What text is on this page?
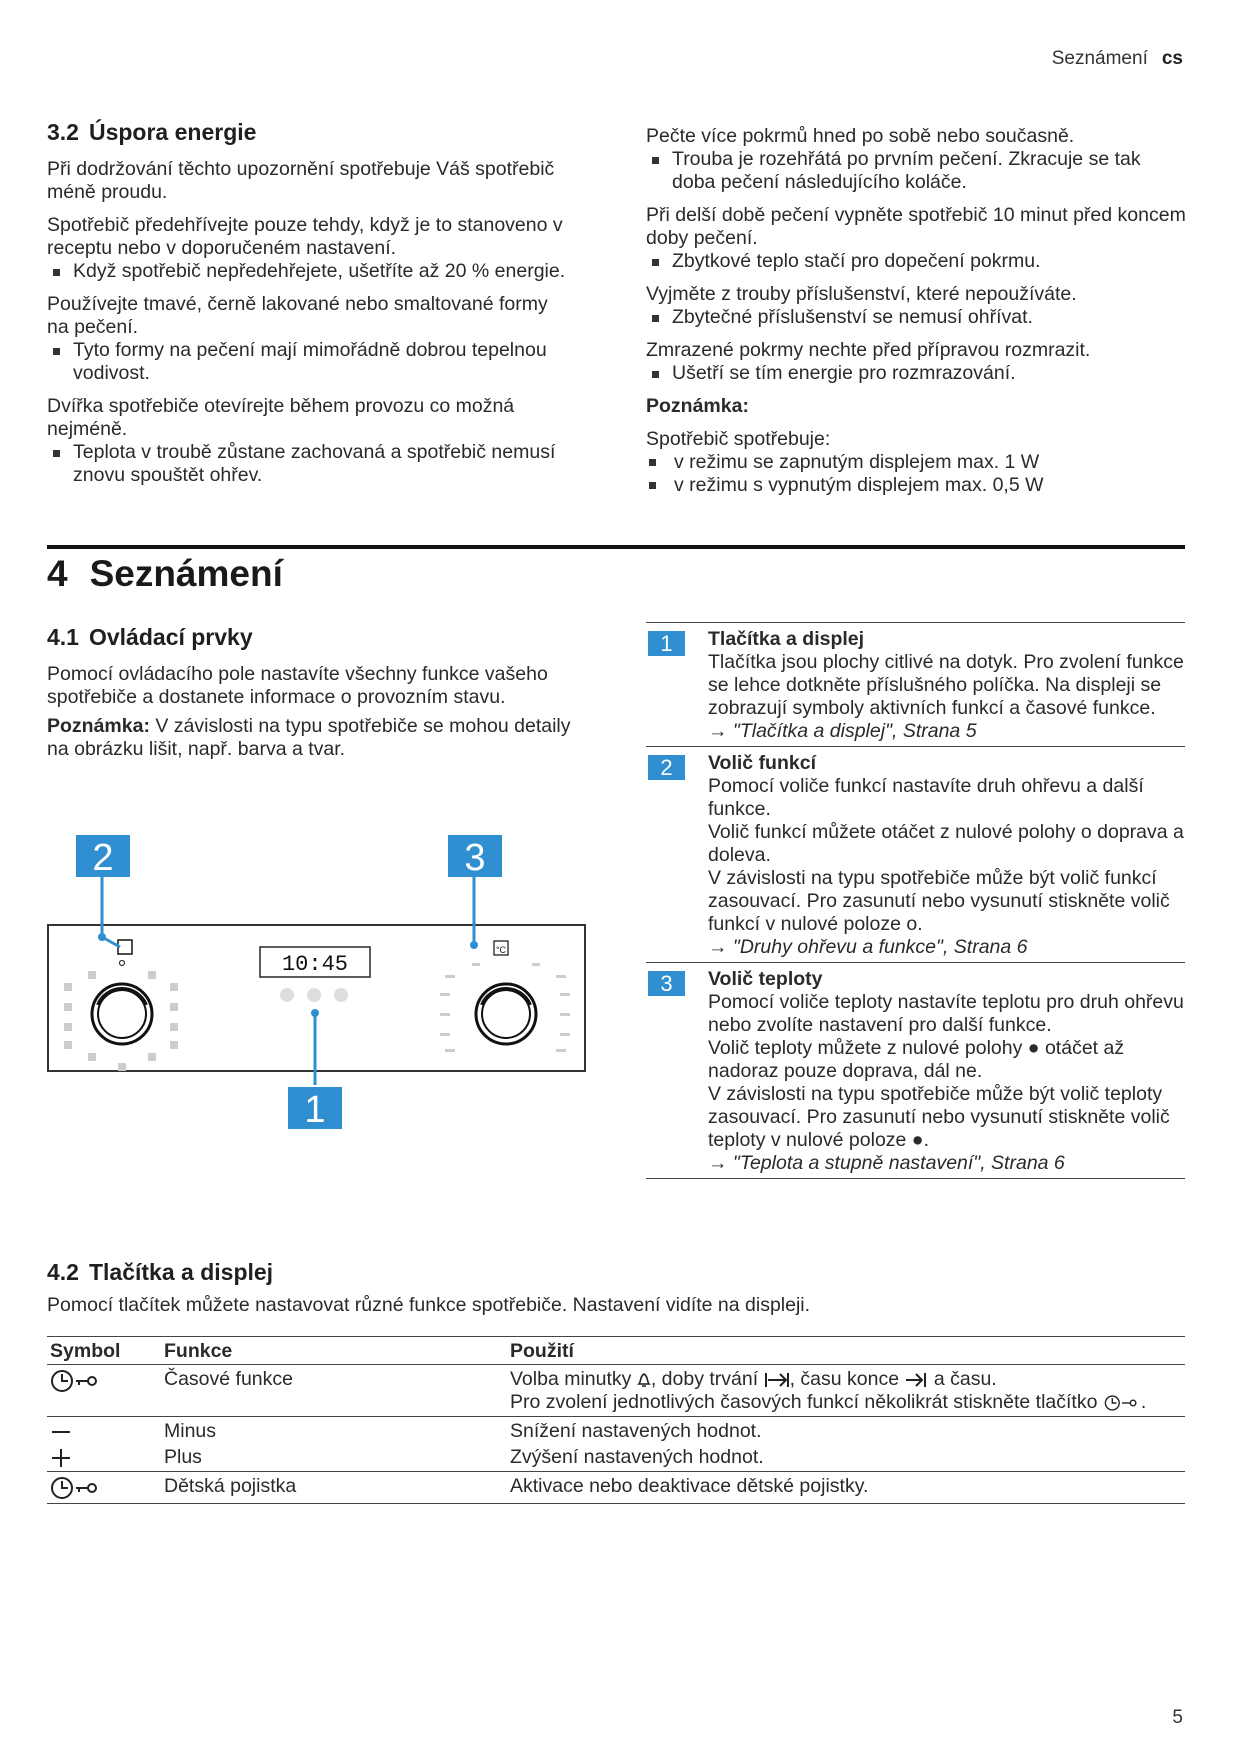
Seznámení cs
3.2 Úspora energie

Při dodržování těchto upozornění spotřebuje Váš spotřebič méně proudu.

Spotřebič předehřívejte pouze tehdy, když je to stanoveno v receptu nebo v doporučeném nastavení.

Když spotřebič nepředehřejete, ušetříte až 20 % energie.

Používejte tmavé, černě lakované nebo smaltované formy na pečení.

Tyto formy na pečení mají mimořádně dobrou tepelnou vodivost.

Dvířka spotřebiče otevírejte během provozu co možná nejméně.

Teplota v troubě zůstane zachovaná a spotřebič nemusí znovu spouštět ohřev.

Pečte více pokrmů hned po sobě nebo současně.

Trouba je rozehřátá po prvním pečení. Zkracuje se tak doba pečení následujícího koláče.

Při delší době pečení vypněte spotřebič 10 minut před koncem doby pečení.

Zbytkové teplo stačí pro dopečení pokrmu.

Vyjměte z trouby příslušenství, které nepoužíváte.

Zbytečné příslušenství se nemusí ohřívat.

Zmrazené pokrmy nechte před přípravou rozmrazit.

Ušetří se tím energie pro rozmrazování.

Poznámka:

Spotřebič spotřebuje:

v režimu se zapnutým displejem max. 1 W
v režimu s vypnutým displejem max. 0,5 W
4 Seznámení
4.1 Ovládací prvky

Pomocí ovládacího pole nastavíte všechny funkce vašeho spotřebiče a dostanete informace o provozním stavu.

Poznámka: V závislosti na typu spotřebiče se mohou detaily na obrázku lišit, např. barva a tvar.

10:45
°C
2	3
1
1	Tlačítka a displej
Tlačítka jsou plochy citlivé na dotyk. Pro zvolení funkce se lehce dotkněte příslušného políčka. Na displeji se zobrazují symboly aktivních funkcí a časové funkce.
→ "Tlačítka a displej", Strana 5
2	Volič funkcí
Pomocí voliče funkcí nastavíte druh ohřevu a další funkce.
Volič funkcí můžete otáčet z nulové polohy o doprava a doleva.
V závislosti na typu spotřebiče může být volič funkcí zasouvací. Pro zasunutí nebo vysunutí stiskněte volič funkcí v nulové poloze o.
→ "Druhy ohřevu a funkce", Strana 6
3	Volič teploty
Pomocí voliče teploty nastavíte teplotu pro druh ohřevu nebo zvolíte nastavení pro další funkce.
Volič teploty můžete z nulové polohy ● otáčet až nadoraz pouze doprava, dál ne.
V závislosti na typu spotřebiče může být volič teploty zasouvací. Pro zasunutí nebo vysunutí stiskněte volič teploty v nulové poloze ●.
→ "Teplota a stupně nastavení", Strana 6
4.2 Tlačítka a displej

Pomocí tlačítek můžete nastavovat různé funkce spotřebiče. Nastavení vidíte na displeji.

Symbol	Funkce	Použití
	Časové funkce	Volba minutky , doby trvání , času konce  a času.
Pro zvolení jednotlivých časových funkcí několikrát stiskněte tlačítko .
	Minus	Snížení nastavených hodnot.
	Plus	Zvýšení nastavených hodnot.
	Dětská pojistka	Aktivace nebo deaktivace dětské pojistky.
5
